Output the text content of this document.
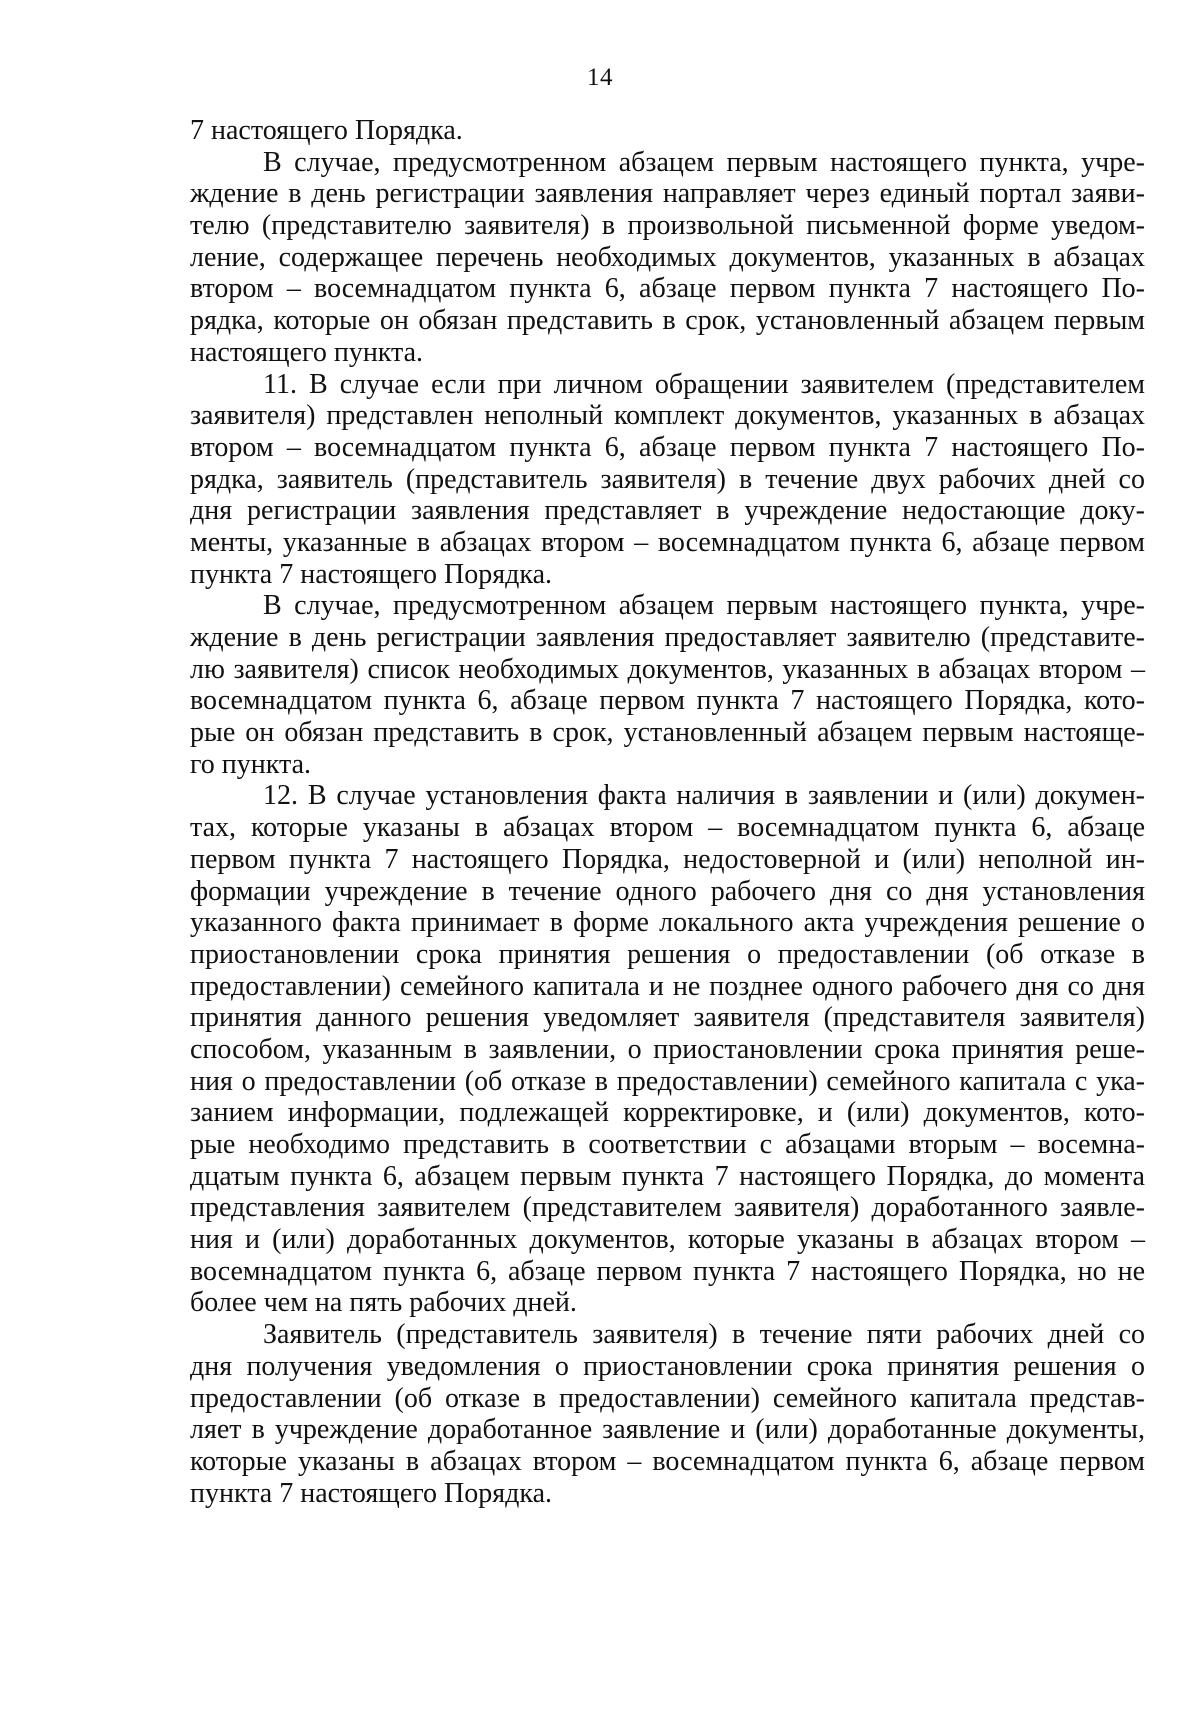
14
7 настоящего Порядка.
В случае, предусмотренном абзацем первым настоящего пункта, учре-
ждение в день регистрации заявления направляет через единый портал заяви-
телю (представителю заявителя) в произвольной письменной форме уведом-
ление, содержащее перечень необходимых документов, указанных в абзацах
втором – восемнадцатом пункта 6, абзаце первом пункта 7 настоящего По-
рядка, которые он обязан представить в срок, установленный абзацем первым
настоящего пункта.
11. В случае если при личном обращении заявителем (представителем
заявителя) представлен неполный комплект документов, указанных в абзацах
втором – восемнадцатом пункта 6, абзаце первом пункта 7 настоящего По-
рядка, заявитель (представитель заявителя) в течение двух рабочих дней со
дня регистрации заявления представляет в учреждение недостающие доку-
менты, указанные в абзацах втором – восемнадцатом пункта 6, абзаце первом
пункта 7 настоящего Порядка.
В случае, предусмотренном абзацем первым настоящего пункта, учре-
ждение в день регистрации заявления предоставляет заявителю (представите-
лю заявителя) список необходимых документов, указанных в абзацах втором –
восемнадцатом пункта 6, абзаце первом пункта 7 настоящего Порядка, кото-
рые он обязан представить в срок, установленный абзацем первым настояще-
го пункта.
12. В случае установления факта наличия в заявлении и (или) докумен-
тах, которые указаны в абзацах втором – восемнадцатом пункта 6, абзаце
первом пункта 7 настоящего Порядка, недостоверной и (или) неполной ин-
формации учреждение в течение одного рабочего дня со дня установления
указанного факта принимает в форме локального акта учреждения решение о
приостановлении срока принятия решения о предоставлении (об отказе в
предоставлении) семейного капитала и не позднее одного рабочего дня со дня
принятия данного решения уведомляет заявителя (представителя заявителя)
способом, указанным в заявлении, о приостановлении срока принятия реше-
ния о предоставлении (об отказе в предоставлении) семейного капитала с ука-
занием информации, подлежащей корректировке, и (или) документов, кото-
рые необходимо представить в соответствии с абзацами вторым – восемна-
дцатым пункта 6, абзацем первым пункта 7 настоящего Порядка, до момента
представления заявителем (представителем заявителя) доработанного заявле-
ния и (или) доработанных документов, которые указаны в абзацах втором –
восемнадцатом пункта 6, абзаце первом пункта 7 настоящего Порядка, но не
более чем на пять рабочих дней.
Заявитель (представитель заявителя) в течение пяти рабочих дней со
дня получения уведомления о приостановлении срока принятия решения о
предоставлении (об отказе в предоставлении) семейного капитала представ-
ляет в учреждение доработанное заявление и (или) доработанные документы,
которые указаны в абзацах втором – восемнадцатом пункта 6, абзаце первом
пункта 7 настоящего Порядка.
